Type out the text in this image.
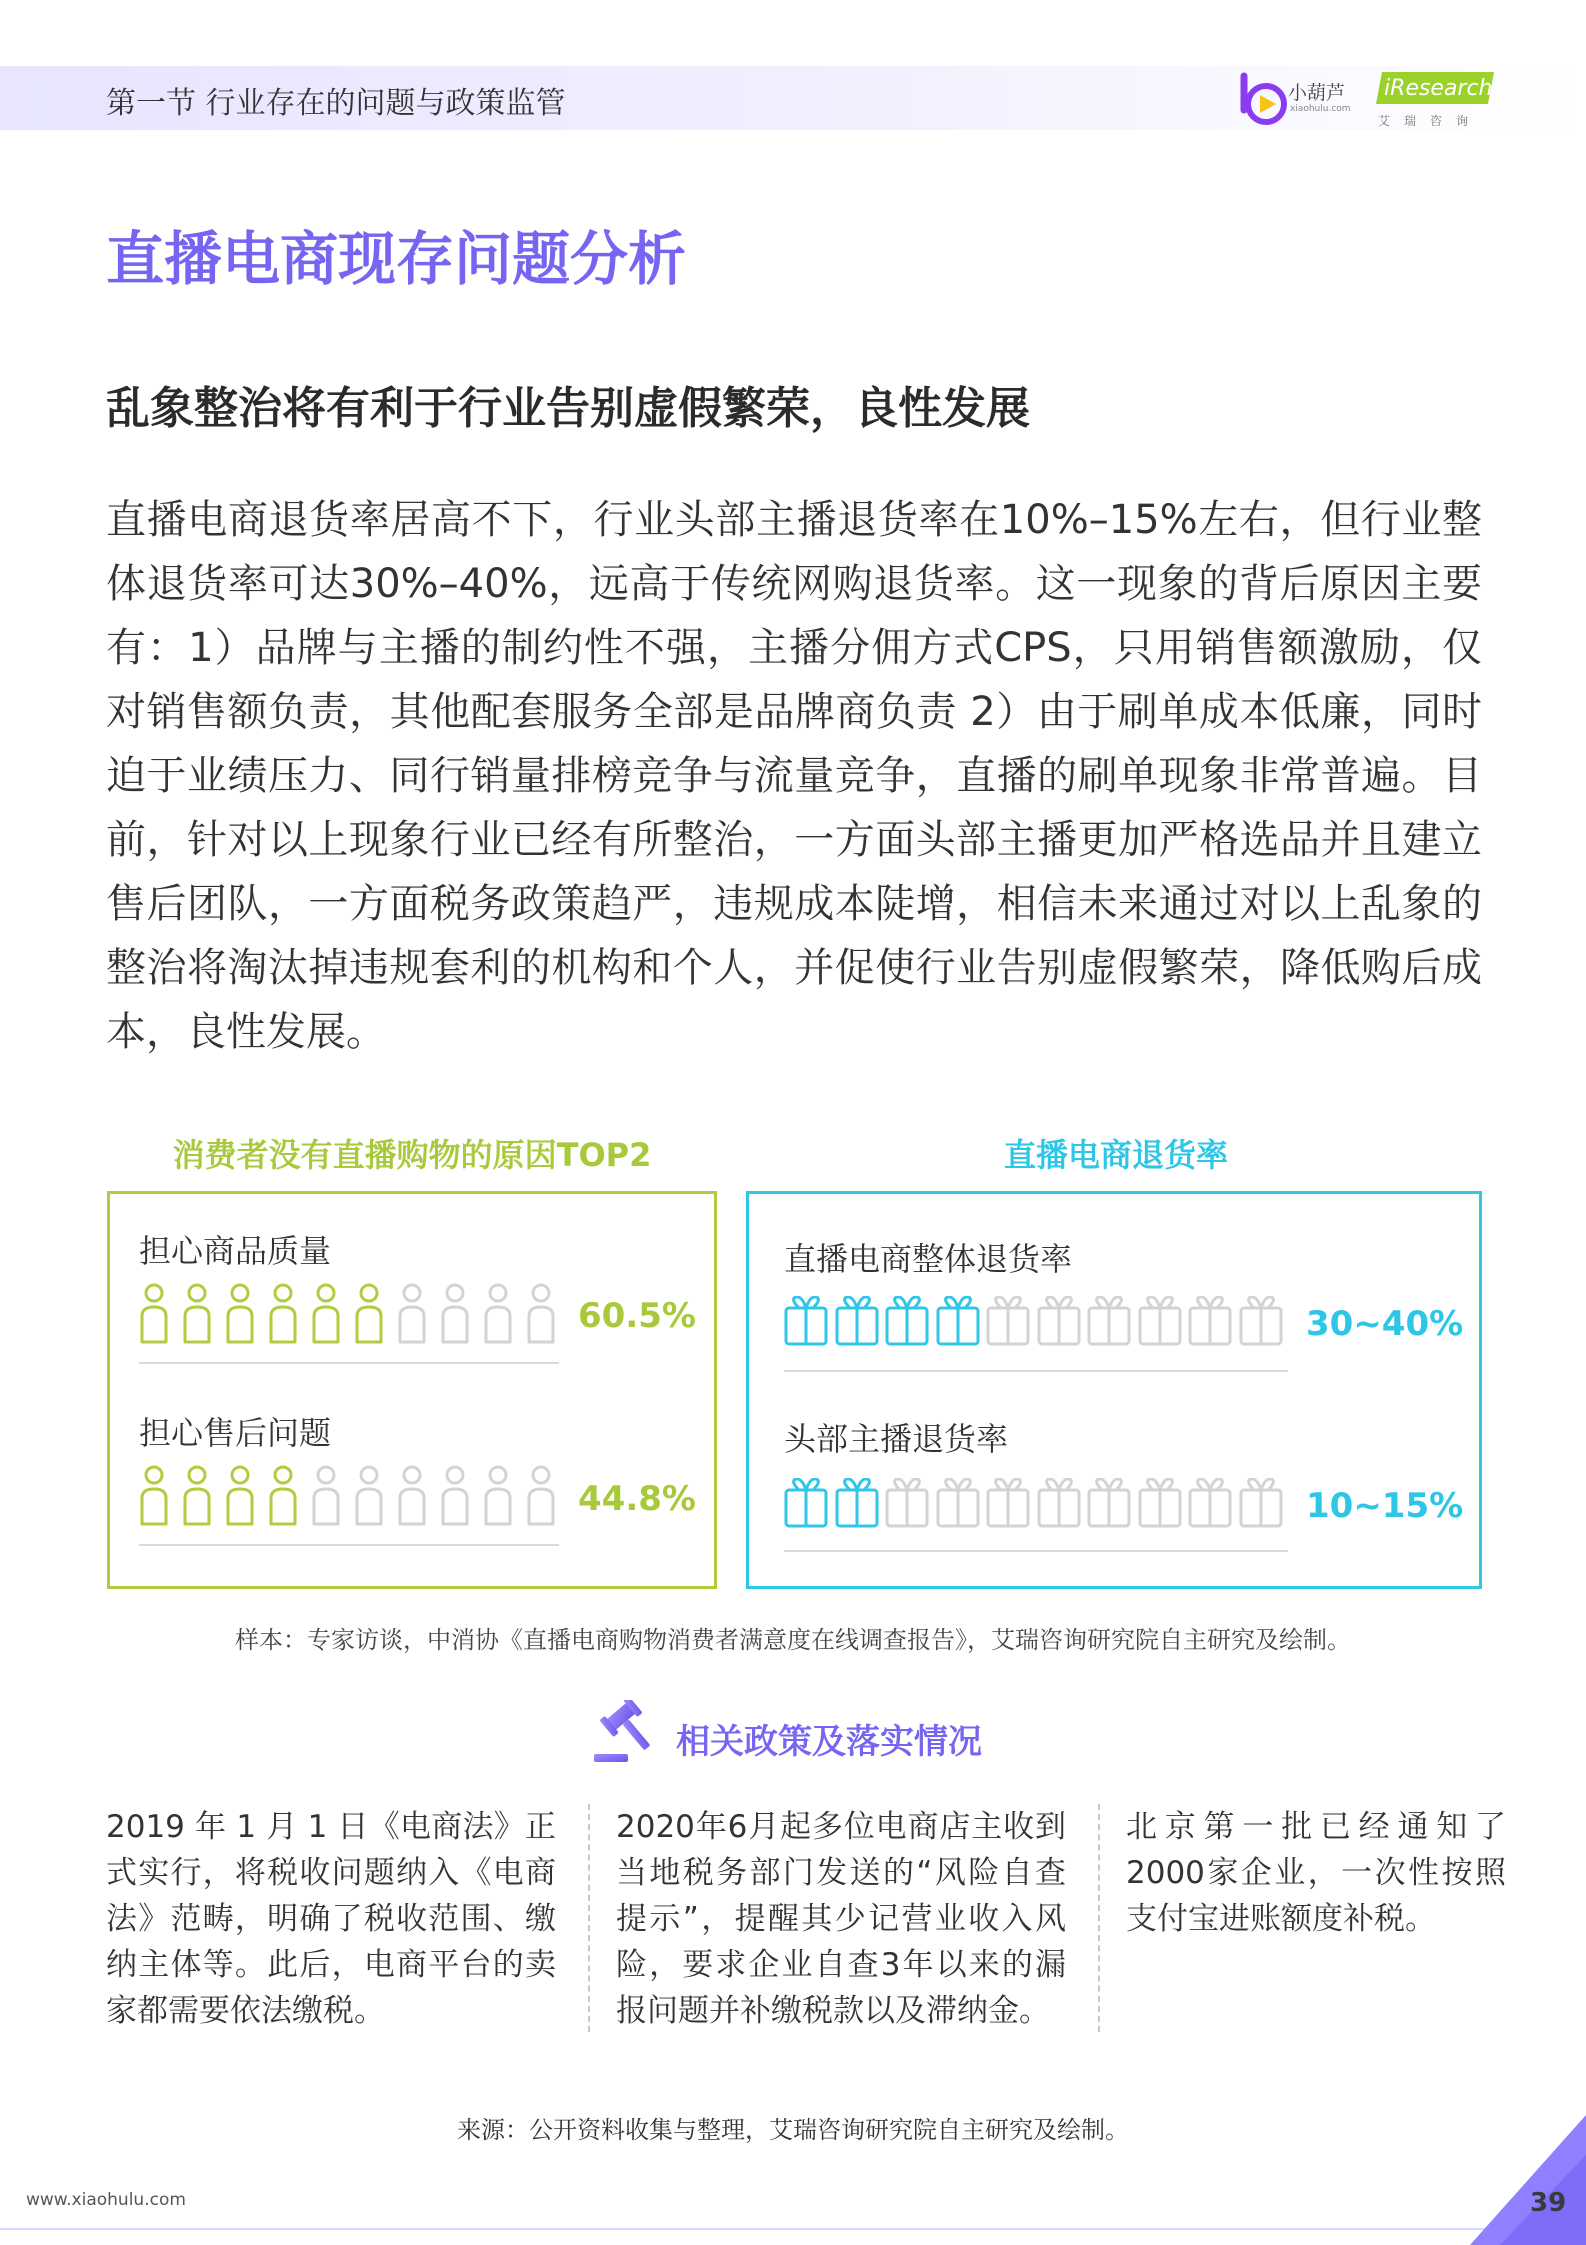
第一节 行业存在的问题与政策监管	小葫芦
xiaohulu.com
iResearch
艾瑞咨询
直播电商现存问题分析
乱象整治将有利于行业告别虚假繁荣，良性发展
直播电商退货率居高不下，行业头部主播退货率在10%–15%左右，但行业整体退货率可达30%–40%，远高于传统网购退货率。这一现象的背后原因主要有：1）品牌与主播的制约性不强，主播分佣方式CPS，只用销售额激励，仅对销售额负责，其他配套服务全部是品牌商负责 2）由于刷单成本低廉，同时迫于业绩压力、同行销量排榜竞争与流量竞争，直播的刷单现象非常普遍。目前，针对以上现象行业已经有所整治，一方面头部主播更加严格选品并且建立售后团队，一方面税务政策趋严，违规成本陡增，相信未来通过对以上乱象的整治将淘汰掉违规套利的机构和个人，并促使行业告别虚假繁荣，降低购后成本，良性发展。
消费者没有直播购物的原因TOP2
担心商品质量
60.5%
担心售后问题
44.8%
直播电商退货率
直播电商整体退货率
30~40%
头部主播退货率
10~15%
样本：专家访谈，中消协《直播电商购物消费者满意度在线调查报告》，艾瑞咨询研究院自主研究及绘制。
相关政策及落实情况
2019 年 1 月 1 日《电商法》正式实行，将税收问题纳入《电商法》范畴，明确了税收范围、缴纳主体等。此后，电商平台的卖家都需要依法缴税。
2020年6月起多位电商店主收到当地税务部门发送的“风险自查提示”，提醒其少记营业收入风险，要求企业自查3年以来的漏报问题并补缴税款以及滞纳金。
北京第一批已经通知了2000家企业，一次性按照支付宝进账额度补税。
来源：公开资料收集与整理，艾瑞咨询研究院自主研究及绘制。
www.xiaohulu.com	39
